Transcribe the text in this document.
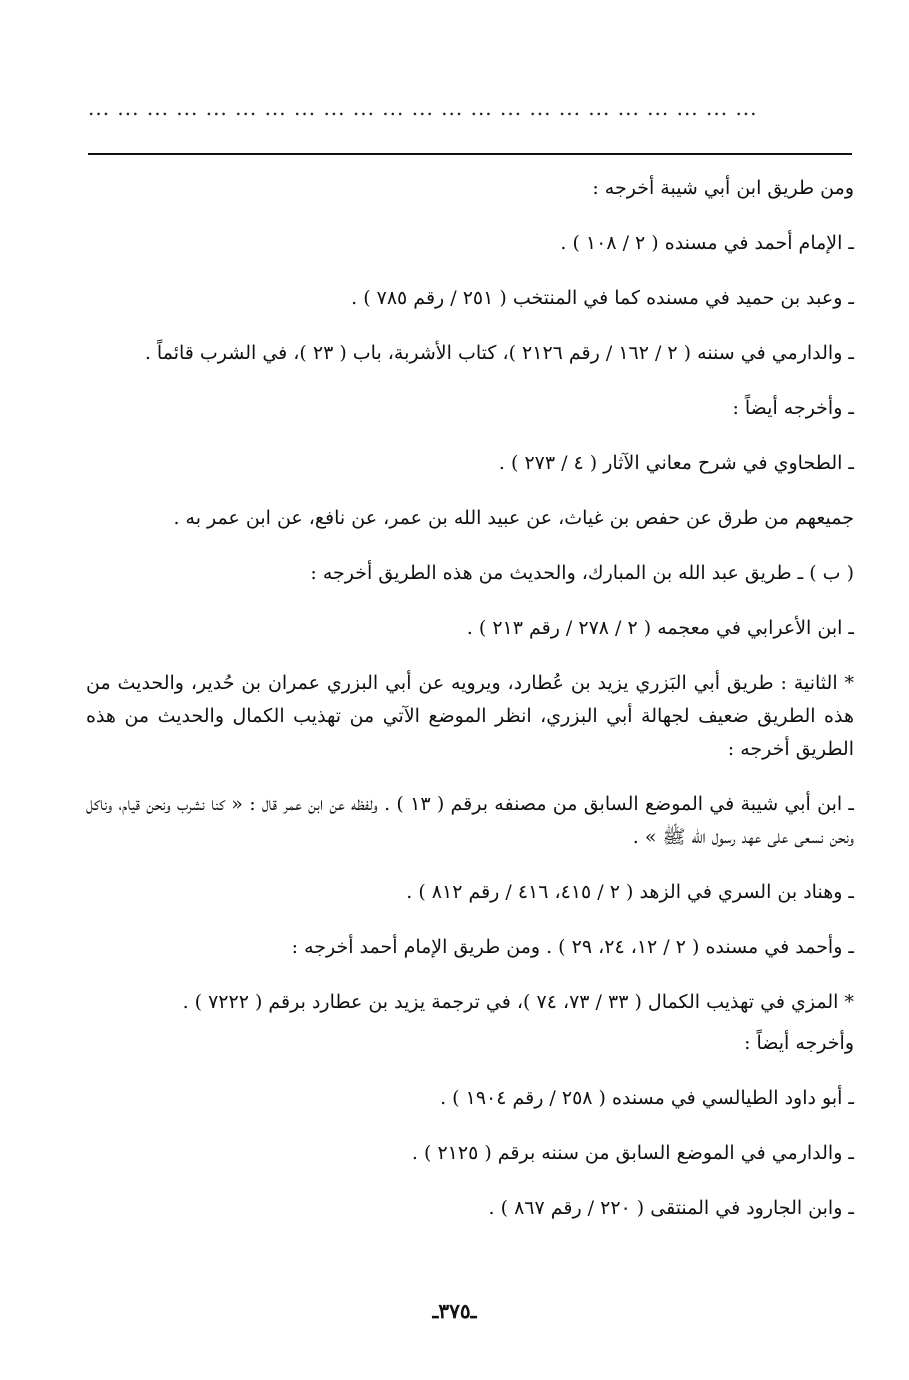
... ... ... ... ... ... ... ... ... ... ... ... ... ... ... ... ... ... ... ... ... ... ...

ومن طريق ابن أبي شيبة أخرجه :

ـ الإمام أحمد في مسنده ( ٢ / ١٠٨ ) .

ـ وعبد بن حميد في مسنده كما في المنتخب ( ٢٥١ / رقم ٧٨٥ ) .

ـ والدارمي في سننه ( ٢ / ١٦٢ / رقم ٢١٢٦ )، كتاب الأشربة، باب ( ٢٣ )، في الشرب قائماً .

ـ وأخرجه أيضاً :

ـ الطحاوي في شرح معاني الآثار ( ٤ / ٢٧٣ ) .

جميعهم من طرق عن حفص بن غياث، عن عبيد الله بن عمر، عن نافع، عن ابن عمر به .

( ب ) ـ طريق عبد الله بن المبارك، والحديث من هذه الطريق أخرجه :

ـ ابن الأعرابي في معجمه ( ٢ / ٢٧٨ / رقم ٢١٣ ) .

* الثانية : طريق أبي البَزري يزيد بن عُطارد، ويرويه عن أبي البزري عمران بن حُدير، والحديث من هذه الطريق ضعيف لجهالة أبي البزري، انظر الموضع الآتي من تهذيب الكمال والحديث من هذه الطريق أخرجه :

ـ ابن أبي شيبة في الموضع السابق من مصنفه برقم ( ١٣ ) . ولفظه عن ابن عمر قال : « كنا نشرب ونحن قيام، وناكل ونحن نسعى على عهد رسول الله ﷺ » .

ـ وهناد بن السري في الزهد ( ٢ / ٤١٥، ٤١٦ / رقم ٨١٢ ) .

ـ وأحمد في مسنده ( ٢ / ١٢، ٢٤، ٢٩ ) . ومن طريق الإمام أحمد أخرجه :

* المزي في تهذيب الكمال ( ٣٣ / ٧٣، ٧٤ )، في ترجمة يزيد بن عطارد برقم ( ٧٢٢٢ ) .

وأخرجه أيضاً :

ـ أبو داود الطيالسي في مسنده ( ٢٥٨ / رقم ١٩٠٤ ) .

ـ والدارمي في الموضع السابق من سننه برقم ( ٢١٢٥ ) .

ـ وابن الجارود في المنتقى ( ٢٢٠ / رقم ٨٦٧ ) .

ـ٣٧٥ـ
